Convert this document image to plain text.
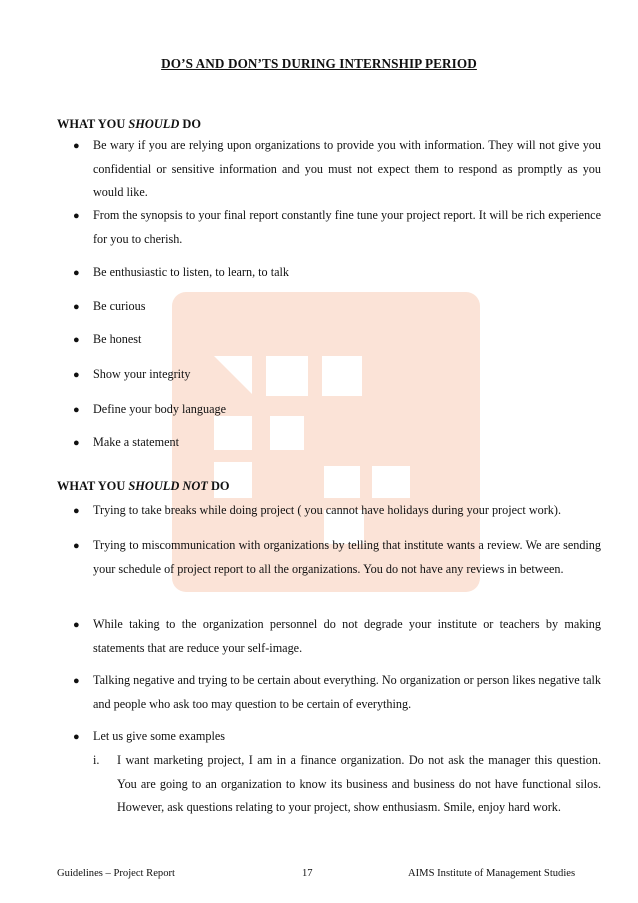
DO’S AND DON’TS DURING INTERNSHIP PERIOD
WHAT YOU SHOULD DO
● Be wary if you are relying upon organizations to provide you with information. They will not give you confidential or sensitive information and you must not expect them to respond as promptly as you would like.
● From the synopsis to your final report constantly fine tune your project report. It will be rich experience for you to cherish.
● Be enthusiastic to listen, to learn, to talk
● Be curious
● Be honest
● Show your integrity
● Define your body language
● Make a statement
WHAT YOU SHOULD NOT DO
● Trying to take breaks while doing project ( you cannot have holidays during your project work).
● Trying to miscommunication with organizations by telling that institute wants a review. We are sending your schedule of project report to all the organizations. You do not have any reviews in between.
● While taking to the organization personnel do not degrade your institute or teachers by making statements that are reduce your self-image.
● Talking negative and trying to be certain about everything. No organization or person likes negative talk and people who ask too may question to be certain of everything.
● Let us give some examples
i. I want marketing project, I am in a finance organization. Do not ask the manager this question. You are going to an organization to know its business and business do not have functional silos. However, ask questions relating to your project, show enthusiasm. Smile, enjoy hard work.
Guidelines – Project Report	17	AIMS Institute of Management Studies
